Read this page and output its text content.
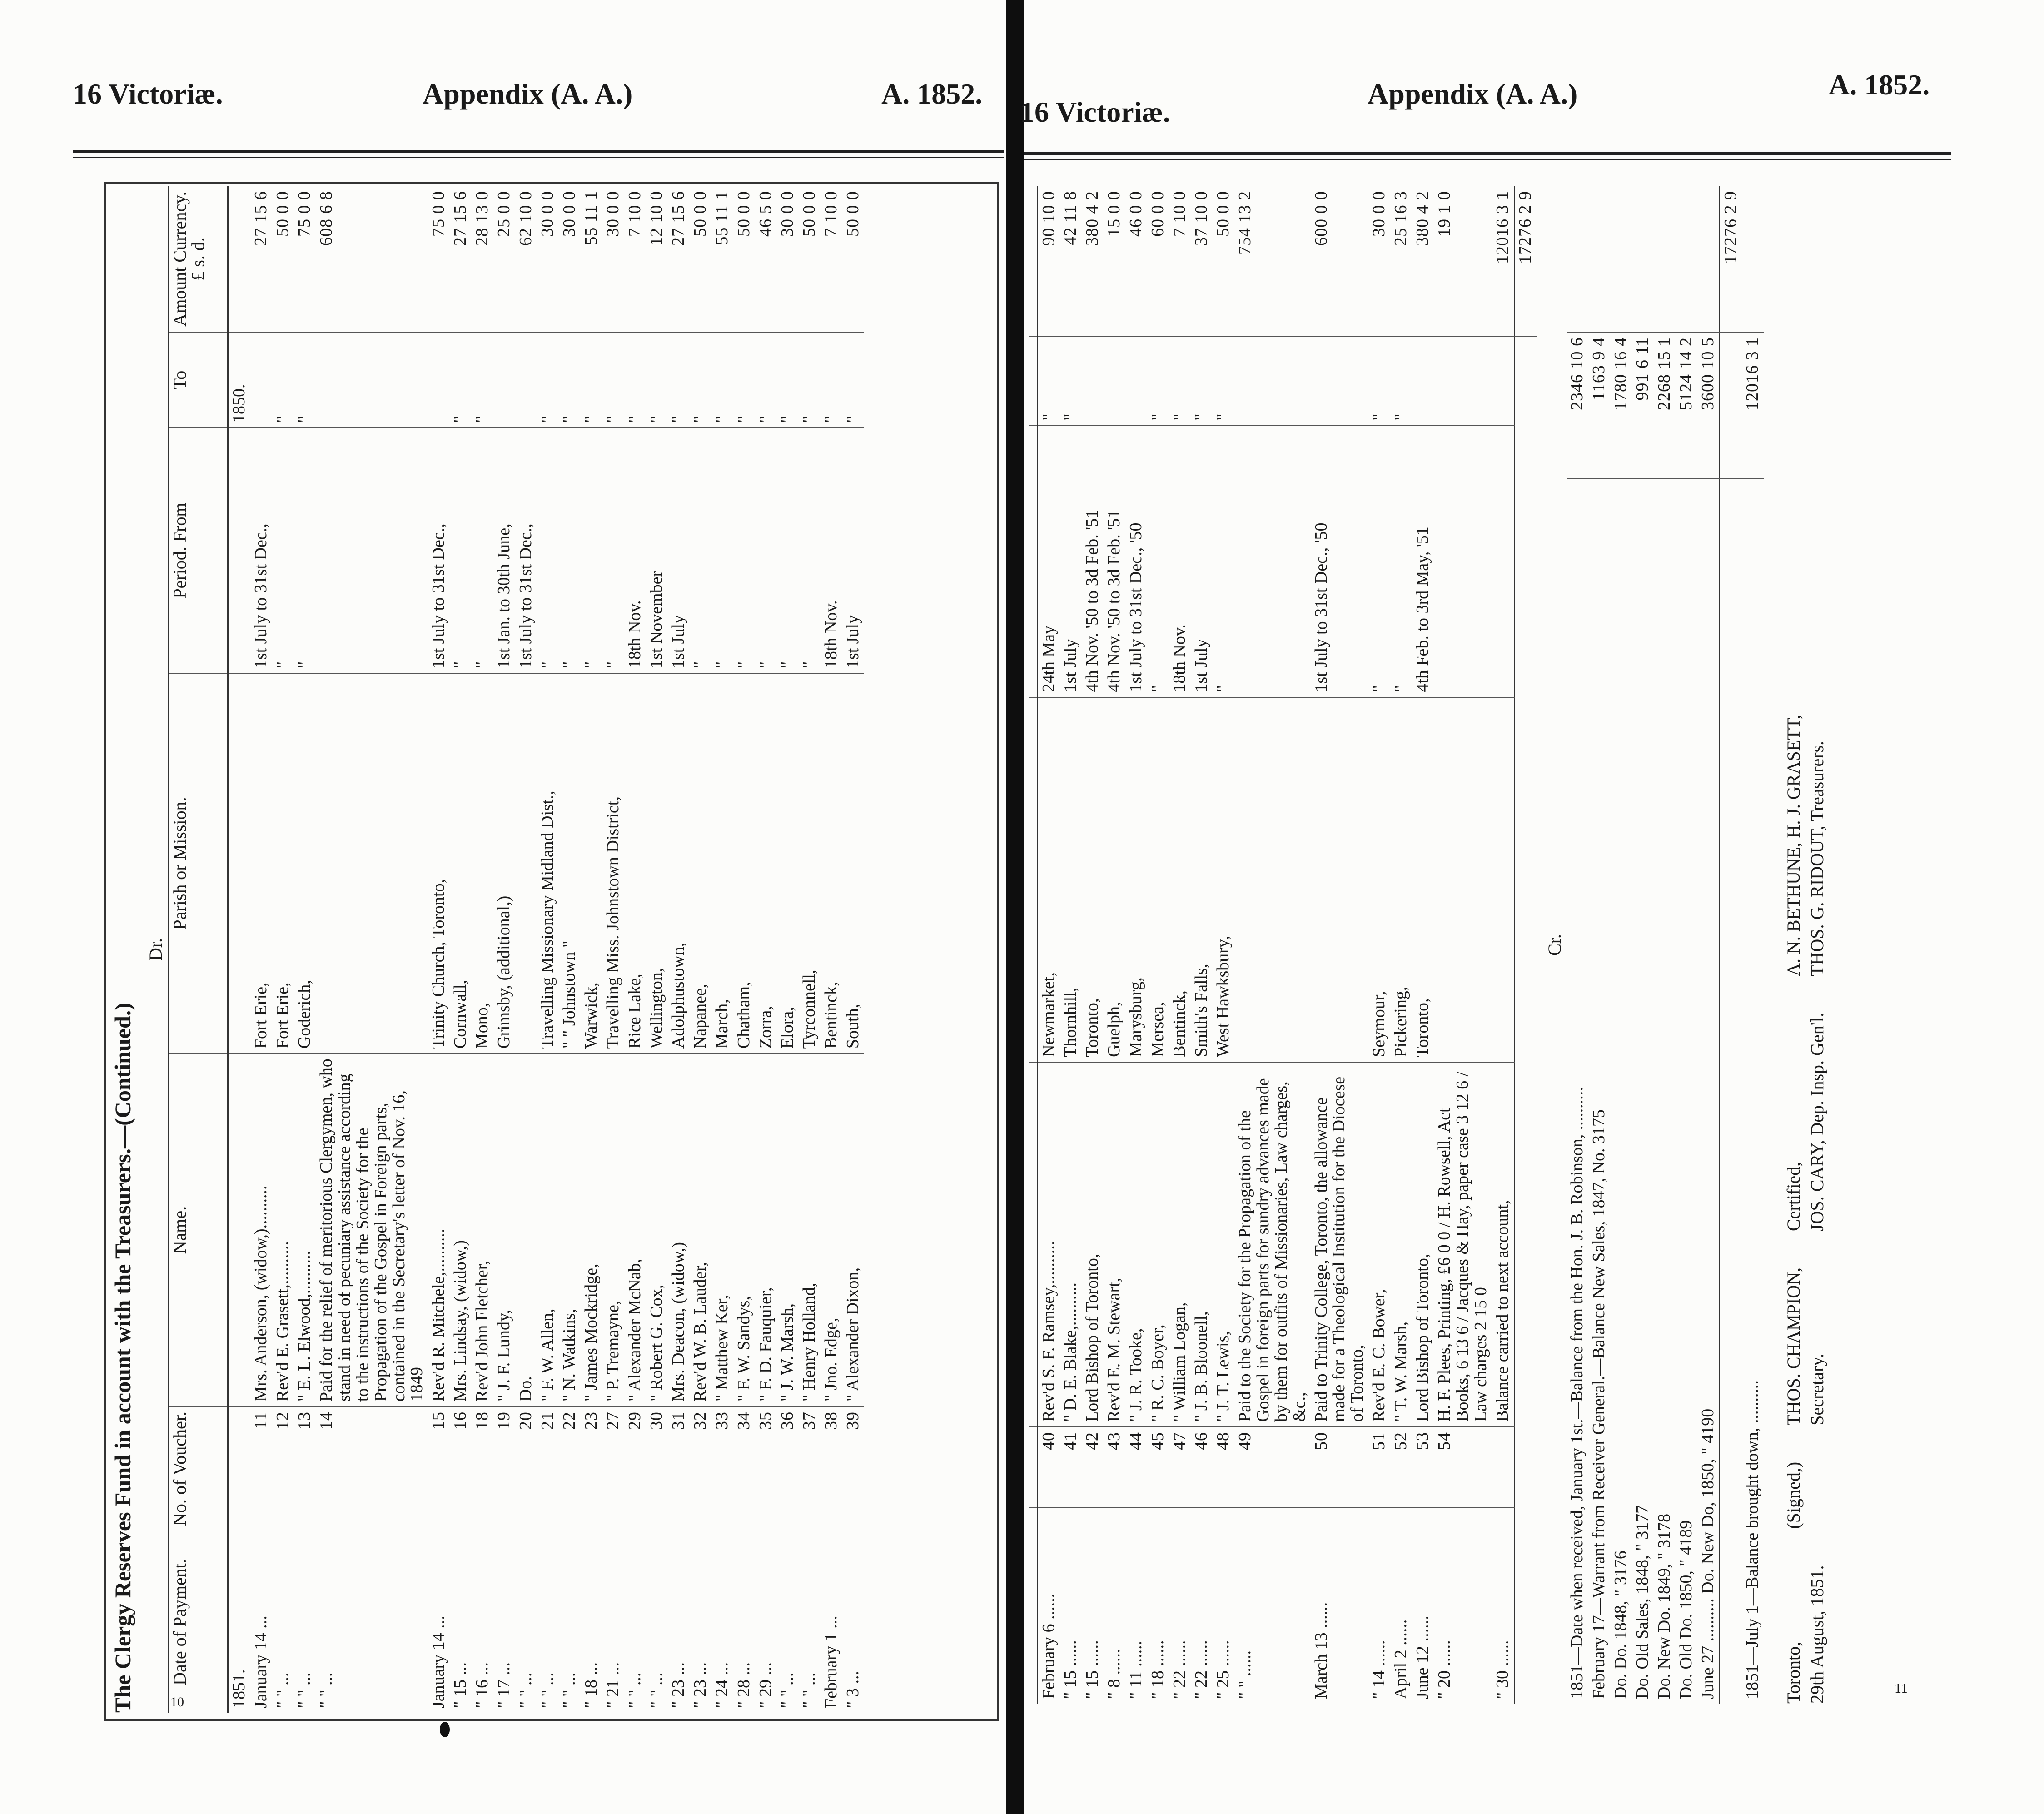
16 Victoriæ.	Appendix (A. A.)	A. 1852.
10
The Clergy Reserves Fund in account with the Treasurers.—(Continued.)
Dr.
Date of Payment.	No. of Voucher.	Name.	Parish or Mission.	Period. From	To	Amount Currency.
£ s. d.
1851.					1850.	
January 14 ...	11	Mrs. Anderson, (widow,)..........	Fort Erie,	1st July to 31st Dec.,		27 15 6
" " ...	12	Rev'd E. Grasett,..........	Fort Erie,	"	"	50 0 0
" " ...	13	" E. L. Elwood,..........	Goderich,	"	"	75 0 0
" " ...	14	Paid for the relief of meritorious Clergymen, who stand in need of pecuniary assistance according to the instructions of the Society for the Propagation of the Gospel in Foreign parts, contained in the Secretary's letter of Nov. 16, 1849				608 6 8
January 14 ...	15	Rev'd R. Mitchele,..........	Trinity Church, Toronto,	1st July to 31st Dec.,		75 0 0
" 15 ...	16	Mrs. Lindsay, (widow,)	Cornwall,	"	"	27 15 6
" 16 ...	18	Rev'd John Fletcher,	Mono,	"	"	28 13 0
" 17 ...	19	" J. F. Lundy,	Grimsby, (additional,)	1st Jan. to 30th June,		25 0 0
" " ...	20	Do.		1st July to 31st Dec.,		62 10 0
" " ...	21	" F. W. Allen,	Travelling Missionary Midland Dist.,	"	"	30 0 0
" " ...	22	" N. Watkins,	" " Johnstown "	"	"	30 0 0
" 18 ...	23	" James Mockridge,	Warwick,	"	"	55 11 1
" 21 ...	27	" P. Tremayne,	Travelling Miss. Johnstown District,	"	"	30 0 0
" " ...	29	" Alexander McNab,	Rice Lake,	18th Nov.	"	7 10 0
" " ...	30	" Robert G. Cox,	Wellington,	1st November	"	12 10 0
" 23 ...	31	Mrs. Deacon, (widow,)	Adolphustown,	1st July	"	27 15 6
" 23 ...	32	Rev'd W. B. Lauder,	Napanee,	"	"	50 0 0
" 24 ...	33	" Matthew Ker,	March,	"	"	55 11 1
" 28 ...	34	" F. W. Sandys,	Chatham,	"	"	50 0 0
" 29 ...	35	" F. D. Fauquier,	Zorra,	"	"	46 5 0
" " ...	36	" J. W. Marsh,	Elora,	"	"	30 0 0
" " ...	37	" Henry Holland,	Tyrconnell,	"	"	50 0 0
February 1 ...	38	" Jno. Edge,	Bentinck,	18th Nov.	"	7 10 0
" 3 ...	39	" Alexander Dixon,	South,	1st July	"	50 0 0
16 Victoriæ.
Appendix (A. A.)	A. 1852.
11

February 6 ......	40	Rev'd S. F. Ramsey,..........	Newmarket,	24th May	"	90 10 0
" 15 ......	41	" D. E. Blake,..........	Thornhill,	1st July	"	42 11 8
" 15 ......	42	Lord Bishop of Toronto,	Toronto,	4th Nov. '50 to 3d Feb. '51		380 4 2
" 8 ......	43	Rev'd E. M. Stewart,	Guelph,	4th Nov. '50 to 3d Feb. '51		15 0 0
" 11 ......	44	" J. R. Tooke,	Marysburg,	1st July to 31st Dec., '50		46 0 0
" 18 ......	45	" R. C. Boyer,	Mersea,	"	"	60 0 0
" 22 ......	47	" William Logan,	Bentinck,	18th Nov.	"	7 10 0
" 22 ......	46	" J. B. Bloonell,	Smith's Falls,	1st July	"	37 10 0
" 25 ......	48	" J. T. Lewis,	West Hawksbury,	"	"	50 0 0
" " ......	49	Paid to the Society for the Propagation of the Gospel in foreign parts for sundry advances made by them for outfits of Missionaries, Law charges, &c.,				754 13 2
March 13 ......	50	Paid to Trinity College, Toronto, the allowance made for a Theological Institution for the Diocese of Toronto,		1st July to 31st Dec., '50		600 0 0
" 14 ......	51	Rev'd E. C. Bower,	Seymour,	"	"	30 0 0
April 2 ......	52	" T. W. Marsh,	Pickering,	"	"	25 16 3
June 12 ......	53	Lord Bishop of Toronto,	Toronto,	4th Feb. to 3rd May, '51		380 4 2
" 20 ......	54	H. F. Plees, Printing, £6 0 0 / H. Rowsell, Act Books, 6 13 6 / Jacques & Hay, paper case 3 12 6 / Law charges 2 15 0				19 1 0
" 30 ......		Balance carried to next account,				12016 3 1
						17276 2 9
Cr.
1851—Date when received, January 1st.—Balance from the Hon. J. B. Robinson, ..........	2346 10 6	
February 17—Warrant from Receiver General.—Balance New Sales, 1847, No. 3175	1163 9 4	
Do. Do. 1848, " 3176	1780 16 4	
Do. Old Sales, 1848, " 3177	991 6 11	
Do. New Do. 1849, " 3178	2268 15 1	
Do. Old Do. 1850, " 4189	5124 14 2	
June 27 .......... Do. New Do, 1850, " 4190	3600 10 5	
		17276 2 9
1851—July 1—Balance brought down, ..........	12016 3 1	
Toronto, 29th August, 1851.
(Signed,)
THOS. CHAMPION, Secretary.
Certified, JOS. CARY, Dep. Insp. Gen'l.
A. N. BETHUNE, H. J. GRASETT,
THOS. G. RIDOUT, Treasurers.
